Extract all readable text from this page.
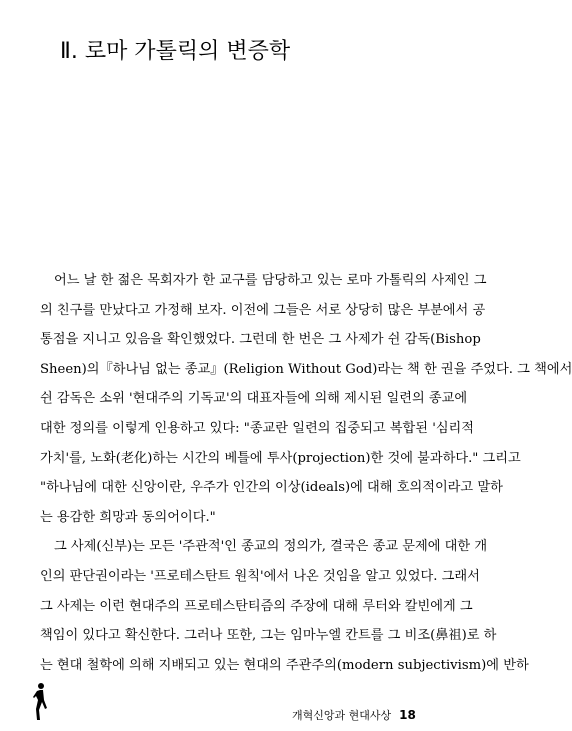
Ⅱ. 로마 가톨릭의 변증학
어느 날 한 젊은 목회자가 한 교구를 담당하고 있는 로마 가톨릭의 사제인 그
의 친구를 만났다고 가정해 보자. 이전에 그들은 서로 상당히 많은 부분에서 공
통점을 지니고 있음을 확인했었다. 그런데 한 번은 그 사제가 쉰 감독(Bishop
Sheen)의『하나님 없는 종교』(Religion Without God)라는 책 한 권을 주었다. 그 책에서
쉰 감독은 소위 '현대주의 기독교'의 대표자들에 의해 제시된 일련의 종교에
대한 정의를 이렇게 인용하고 있다: "종교란 일련의 집중되고 복합된 '심리적
가치'를, 노화(老化)하는 시간의 베틀에 투사(projection)한 것에 불과하다." 그리고
"하나님에 대한 신앙이란, 우주가 인간의 이상(ideals)에 대해 호의적이라고 말하
는 용감한 희망과 동의어이다."
그 사제(신부)는 모든 '주관적'인 종교의 정의가, 결국은 종교 문제에 대한 개
인의 판단권이라는 '프로테스탄트 원칙'에서 나온 것임을 알고 있었다. 그래서
그 사제는 이런 현대주의 프로테스탄티즘의 주장에 대해 루터와 칼빈에게 그
책임이 있다고 확신한다. 그러나 또한, 그는 임마누엘 칸트를 그 비조(鼻祖)로 하
는 현대 철학에 의해 지배되고 있는 현대의 주관주의(modern subjectivism)에 반하
개혁신앙과 현대사상 18
